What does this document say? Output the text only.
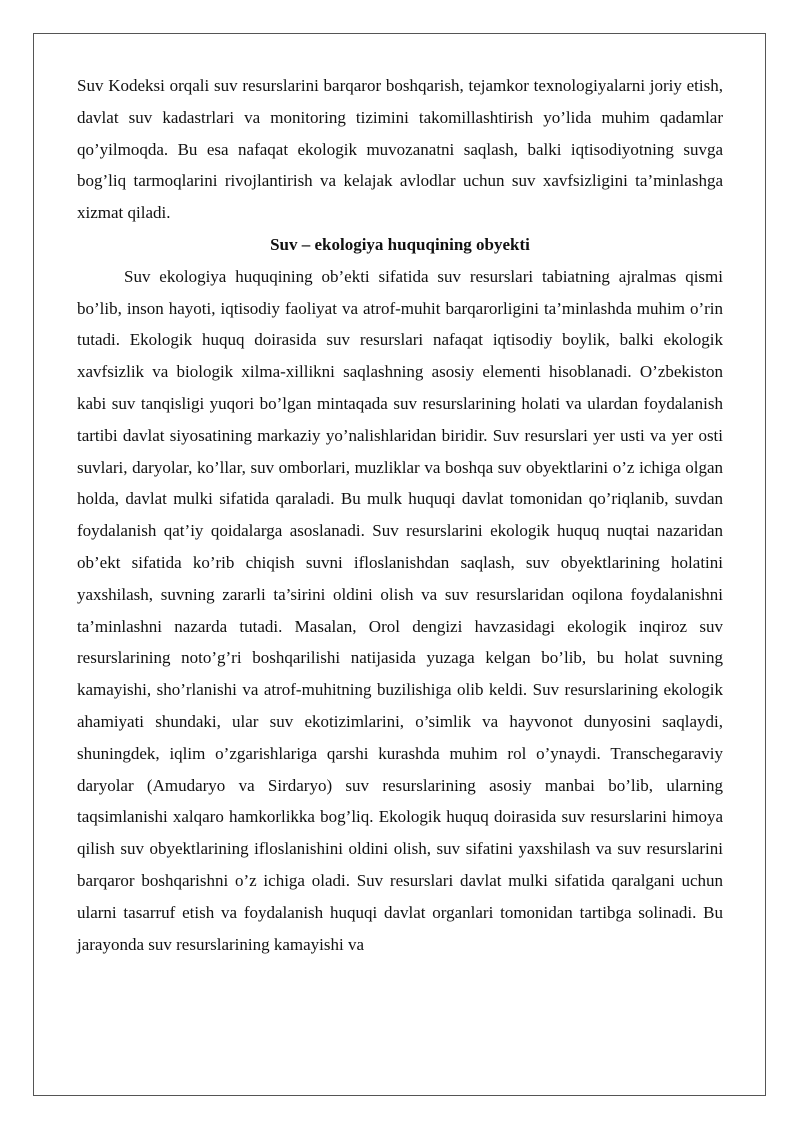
Suv Kodeksi orqali suv resurslarini barqaror boshqarish, tejamkor texnologiyalarni joriy etish, davlat suv kadastrlari va monitoring tizimini takomillashtirish yo’lida muhim qadamlar qo’yilmoqda. Bu esa nafaqat ekologik muvozanatni saqlash, balki iqtisodiyotning suvga bog’liq tarmoqlarini rivojlantirish va kelajak avlodlar uchun suv xavfsizligini ta’minlashga xizmat qiladi.

Suv – ekologiya huquqining obyekti

Suv ekologiya huquqining ob’ekti sifatida suv resurslari tabiatning ajralmas qismi bo’lib, inson hayoti, iqtisodiy faoliyat va atrof-muhit barqarorligini ta’minlashda muhim o’rin tutadi. Ekologik huquq doirasida suv resurslari nafaqat iqtisodiy boylik, balki ekologik xavfsizlik va biologik xilma-xillikni saqlashning asosiy elementi hisoblanadi. O’zbekiston kabi suv tanqisligi yuqori bo’lgan mintaqada suv resurslarining holati va ulardan foydalanish tartibi davlat siyosatining markaziy yo’nalishlaridan biridir. Suv resurslari yer usti va yer osti suvlari, daryolar, ko’llar, suv omborlari, muzliklar va boshqa suv obyektlarini o’z ichiga olgan holda, davlat mulki sifatida qaraladi. Bu mulk huquqi davlat tomonidan qo’riqlanib, suvdan foydalanish qat’iy qoidalarga asoslanadi. Suv resurslarini ekologik huquq nuqtai nazaridan ob’ekt sifatida ko’rib chiqish suvni ifloslanishdan saqlash, suv obyektlarining holatini yaxshilash, suvning zararli ta’sirini oldini olish va suv resurslaridan oqilona foydalanishni ta’minlashni nazarda tutadi. Masalan, Orol dengizi havzasidagi ekologik inqiroz suv resurslarining noto’g’ri boshqarilishi natijasida yuzaga kelgan bo’lib, bu holat suvning kamayishi, sho’rlanishi va atrof-muhitning buzilishiga olib keldi. Suv resurslarining ekologik ahamiyati shundaki, ular suv ekotizimlarini, o’simlik va hayvonot dunyosini saqlaydi, shuningdek, iqlim o’zgarishlariga qarshi kurashda muhim rol o’ynaydi. Transchegaraviy daryolar (Amudaryo va Sirdaryo) suv resurslarining asosiy manbai bo’lib, ularning taqsimlanishi xalqaro hamkorlikka bog’liq. Ekologik huquq doirasida suv resurslarini himoya qilish suv obyektlarining ifloslanishini oldini olish, suv sifatini yaxshilash va suv resurslarini barqaror boshqarishni o’z ichiga oladi. Suv resurslari davlat mulki sifatida qaralgani uchun ularni tasarruf etish va foydalanish huquqi davlat organlari tomonidan tartibga solinadi. Bu jarayonda suv resurslarining kamayishi va
